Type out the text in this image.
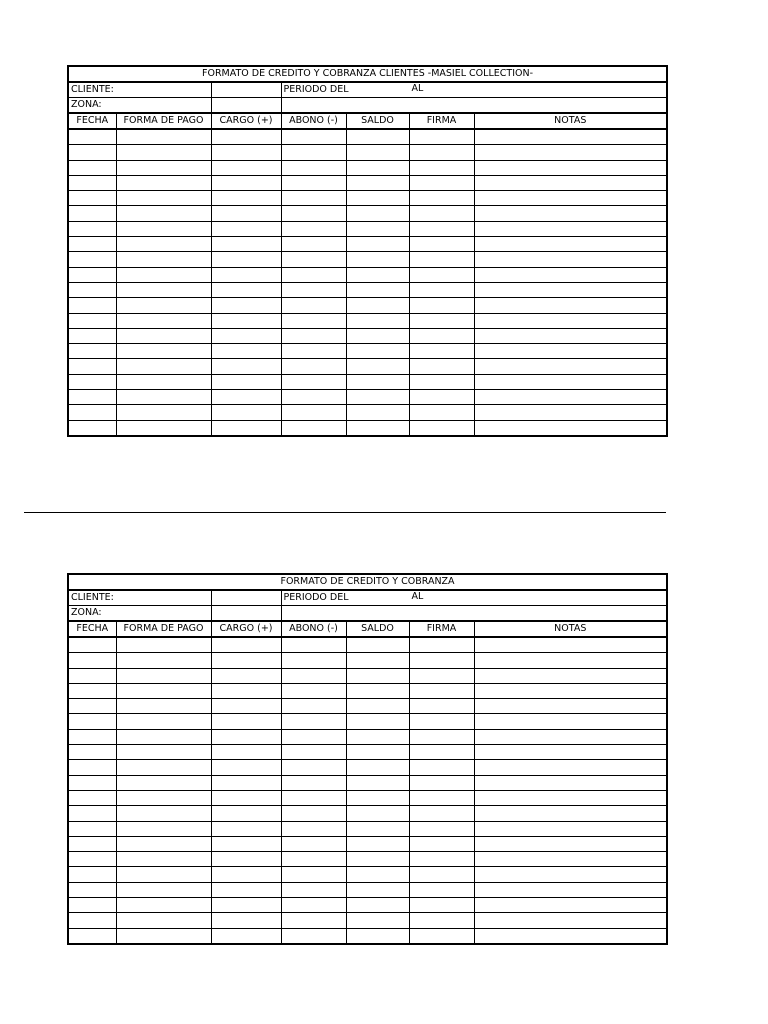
FORMATO DE CREDITO Y COBRANZA CLIENTES -MASIEL COLLECTION-						
CLIENTE:			PERIODO DEL AL			

ZONA:						
FECHA	FORMA DE PAGO	CARGO (+)	ABONO (-)	SALDO	FIRMA	NOTAS

FORMATO DE CREDITO Y COBRANZA						
CLIENTE:			PERIODO DEL AL			

ZONA:						
FECHA	FORMA DE PAGO	CARGO (+)	ABONO (-)	SALDO	FIRMA	NOTAS
